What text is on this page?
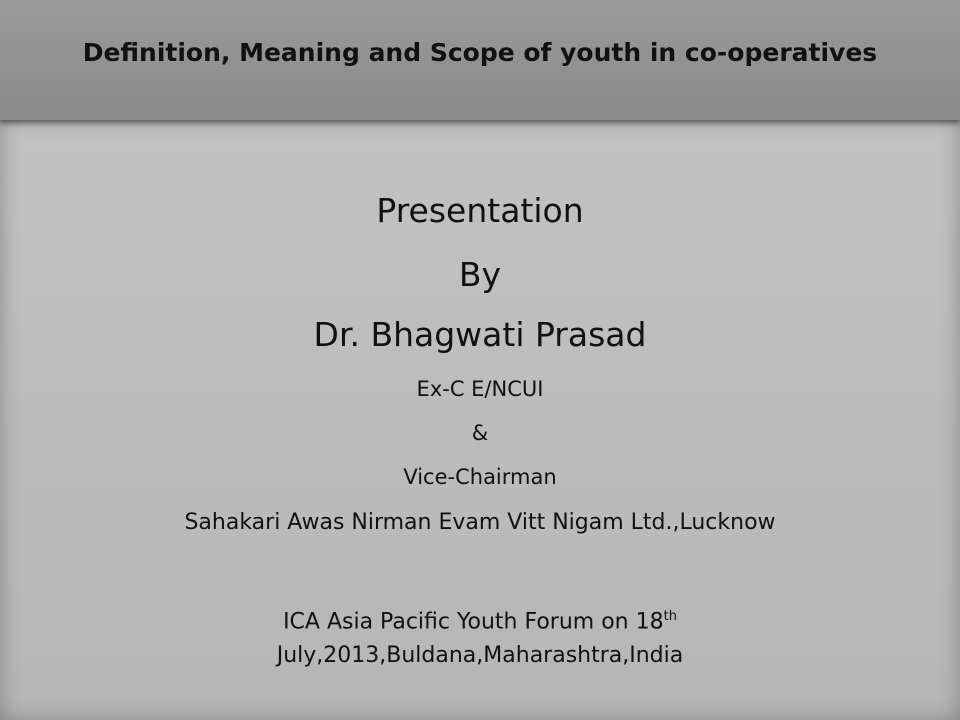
Definition, Meaning and Scope of youth in co-operatives
Presentation
By
Dr. Bhagwati Prasad
Ex-C E/NCUI
&
Vice-Chairman
Sahakari Awas Nirman Evam Vitt Nigam Ltd.,Lucknow
ICA Asia Pacific Youth Forum on 18th
July,2013,Buldana,Maharashtra,India
